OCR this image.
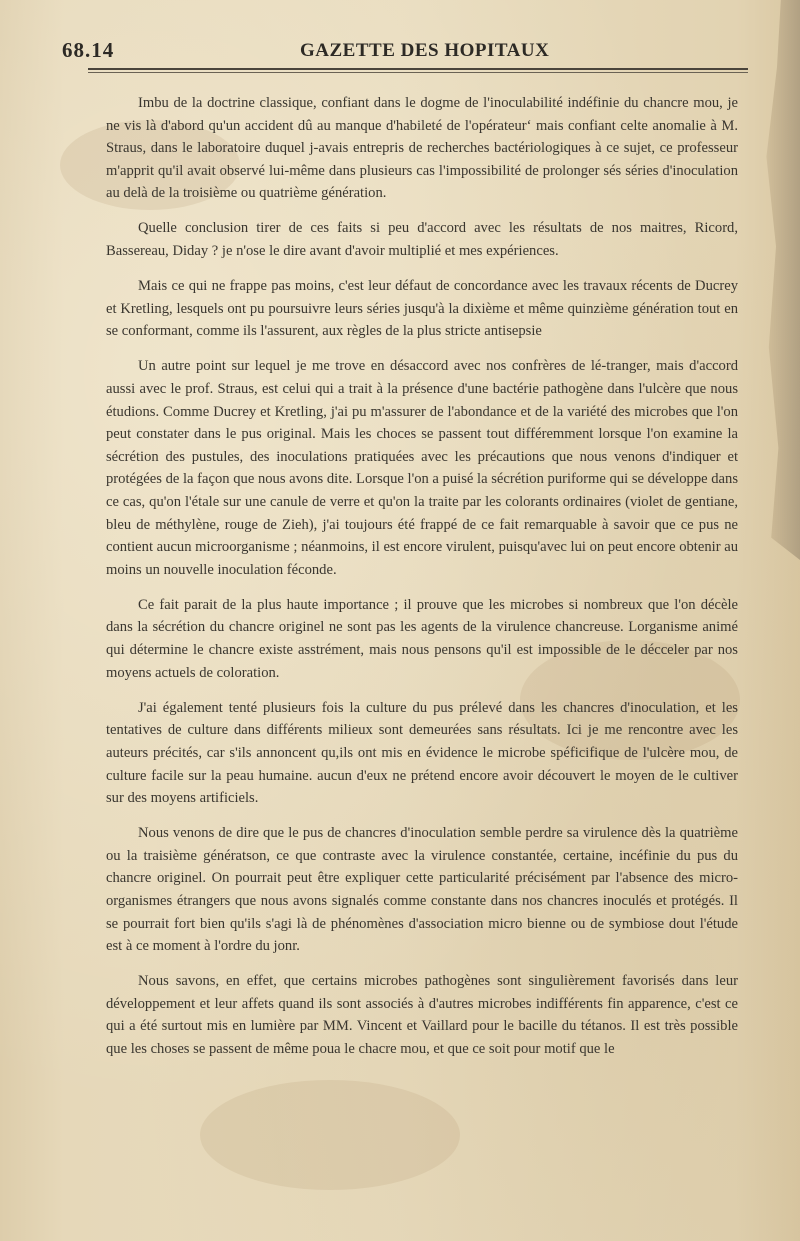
68.14	GAZETTE DES HOPITAUX

Imbu de la doctrine classique, confiant dans le dogme de l'inoculabilité indéfinie du chancre mou, je ne vis là d'abord qu'un accident dû au manque d'habileté de l'opérateur‘ mais confiant celte anomalie à M. Straus, dans le laboratoire duquel j-avais entrepris de recherches bactériologiques à ce sujet, ce professeur m'apprit qu'il avait observé lui-même dans plusieurs cas l'impossibilité de prolonger sés séries d'inoculation au delà de la troisième ou quatrième génération.

Quelle conclusion tirer de ces faits si peu d'accord avec les résultats de nos maitres, Ricord, Bassereau, Diday ? je n'ose le dire avant d'avoir multiplié et mes expériences.

Mais ce qui ne frappe pas moins, c'est leur défaut de concordance avec les travaux récents de Ducrey et Kretling, lesquels ont pu poursuivre leurs séries jusqu'à la dixième et même quinzième génération tout en se conformant, comme ils l'assurent, aux règles de la plus stricte antisepsie

Un autre point sur lequel je me trove en désaccord avec nos confrères de lé-tranger, mais d'accord aussi avec le prof. Straus, est celui qui a trait à la présence d'une bactérie pathogène dans l'ulcère que nous étudions. Comme Ducrey et Kretling, j'ai pu m'assurer de l'abondance et de la variété des microbes que l'on peut constater dans le pus original. Mais les choces se passent tout différemment lorsque l'on examine la sécrétion des pustules, des inoculations pratiquées avec les précautions que nous venons d'indiquer et protégées de la façon que nous avons dite. Lorsque l'on a puisé la sécrétion puriforme qui se développe dans ce cas, qu'on l'étale sur une canule de verre et qu'on la traite par les colorants ordinaires (violet de gentiane, bleu de méthylène, rouge de Zieh), j'ai toujours été frappé de ce fait remarquable à savoir que ce pus ne contient aucun microorganisme ; néanmoins, il est encore virulent, puisqu'avec lui on peut encore obtenir au moins un nouvelle inoculation féconde.

Ce fait parait de la plus haute importance ; il prouve que les microbes si nombreux que l'on décèle dans la sécrétion du chancre originel ne sont pas les agents de la virulence chancreuse. Lorganisme animé qui détermine le chancre existe asstrément, mais nous pensons qu'il est impossible de le décceler par nos moyens actuels de coloration.

J'ai également tenté plusieurs fois la culture du pus prélevé dans les chancres d'inoculation, et les tentatives de culture dans différents milieux sont demeurées sans résultats. Ici je me rencontre avec les auteurs précités, car s'ils annoncent qu,ils ont mis en évidence le microbe spéficifique de l'ulcère mou, de culture facile sur la peau humaine. aucun d'eux ne prétend encore avoir découvert le moyen de le cultiver sur des moyens artificiels.

Nous venons de dire que le pus de chancres d'inoculation semble perdre sa virulence dès la quatrième ou la traisième génératson, ce que contraste avec la virulence constantée, certaine, incéfinie du pus du chancre originel. On pourrait peut être expliquer cette particularité précisément par l'absence des micro-organismes étrangers que nous avons signalés comme constante dans nos chancres inoculés et protégés. Il se pourrait fort bien qu'ils s'agi là de phénomènes d'association micro bienne ou de symbiose dout l'étude est à ce moment à l'ordre du jonr.

Nous savons, en effet, que certains microbes pathogènes sont singulièrement favorisés dans leur développement et leur affets quand ils sont associés à d'autres microbes indifférents fin apparence, c'est ce qui a été surtout mis en lumière par MM. Vincent et Vaillard pour le bacille du tétanos. Il est très possible que les choses se passent de même poua le chacre mou, et que ce soit pour motif que le
